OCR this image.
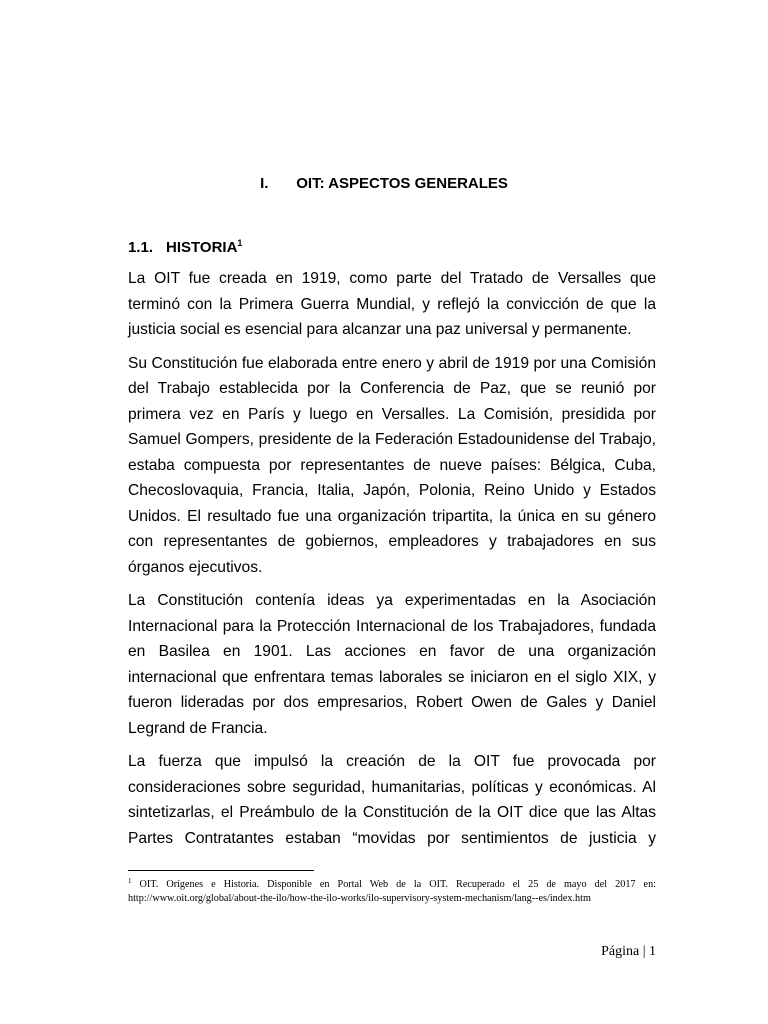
I. OIT: ASPECTOS GENERALES
1.1. HISTORIA$^1$

La OIT fue creada en 1919, como parte del Tratado de Versalles que terminó con la Primera Guerra Mundial, y reflejó la convicción de que la justicia social es esencial para alcanzar una paz universal y permanente.

Su Constitución fue elaborada entre enero y abril de 1919 por una Comisión del Trabajo establecida por la Conferencia de Paz, que se reunió por primera vez en París y luego en Versalles. La Comisión, presidida por Samuel Gompers, presidente de la Federación Estadounidense del Trabajo, estaba compuesta por representantes de nueve países: Bélgica, Cuba, Checoslovaquia, Francia, Italia, Japón, Polonia, Reino Unido y Estados Unidos. El resultado fue una organización tripartita, la única en su género con representantes de gobiernos, empleadores y trabajadores en sus órganos ejecutivos.

La Constitución contenía ideas ya experimentadas en la Asociación Internacional para la Protección Internacional de los Trabajadores, fundada en Basilea en 1901. Las acciones en favor de una organización internacional que enfrentara temas laborales se iniciaron en el siglo XIX, y fueron lideradas por dos empresarios, Robert Owen de Gales y Daniel Legrand de Francia.

La fuerza que impulsó la creación de la OIT fue provocada por consideraciones sobre seguridad, humanitarias, políticas y económicas. Al sintetizarlas, el Preámbulo de la Constitución de la OIT dice que las Altas Partes Contratantes estaban “movidas por sentimientos de justicia y

$^1$ OIT. Orígenes e Historia. Disponible en Portal Web de la OIT. Recuperado el 25 de mayo del 2017 en: http://www.oit.org/global/about-the-ilo/how-the-ilo-works/ilo-supervisory-system-mechanism/lang--es/index.htm
Página | 1
